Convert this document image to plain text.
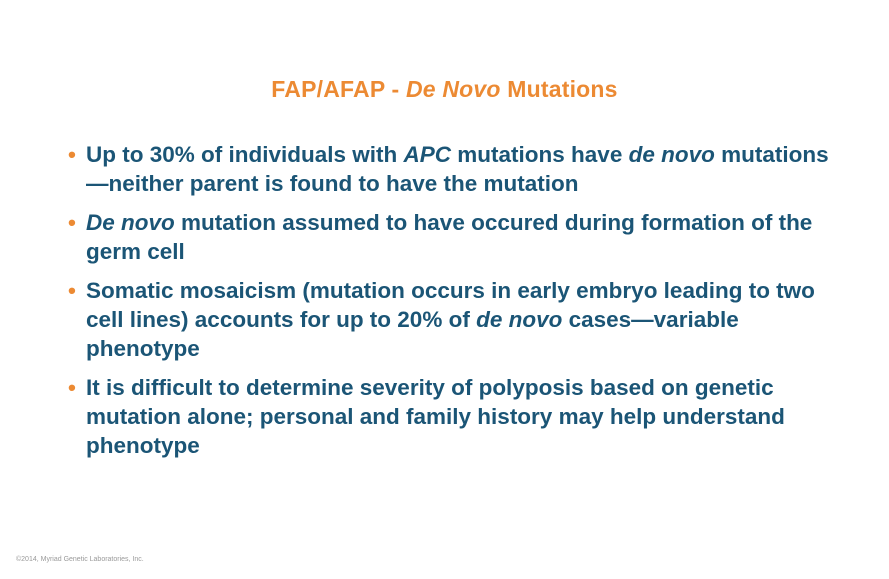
FAP/AFAP - De Novo Mutations
• Up to 30% of individuals with APC mutations have de novo mutations—neither parent is found to have the mutation
• De novo mutation assumed to have occured during formation of the germ cell
• Somatic mosaicism (mutation occurs in early embryo leading to two cell lines) accounts for up to 20% of de novo cases—variable phenotype
• It is difficult to determine severity of polyposis based on genetic mutation alone; personal and family history may help understand phenotype
©2014, Myriad Genetic Laboratories, Inc.
